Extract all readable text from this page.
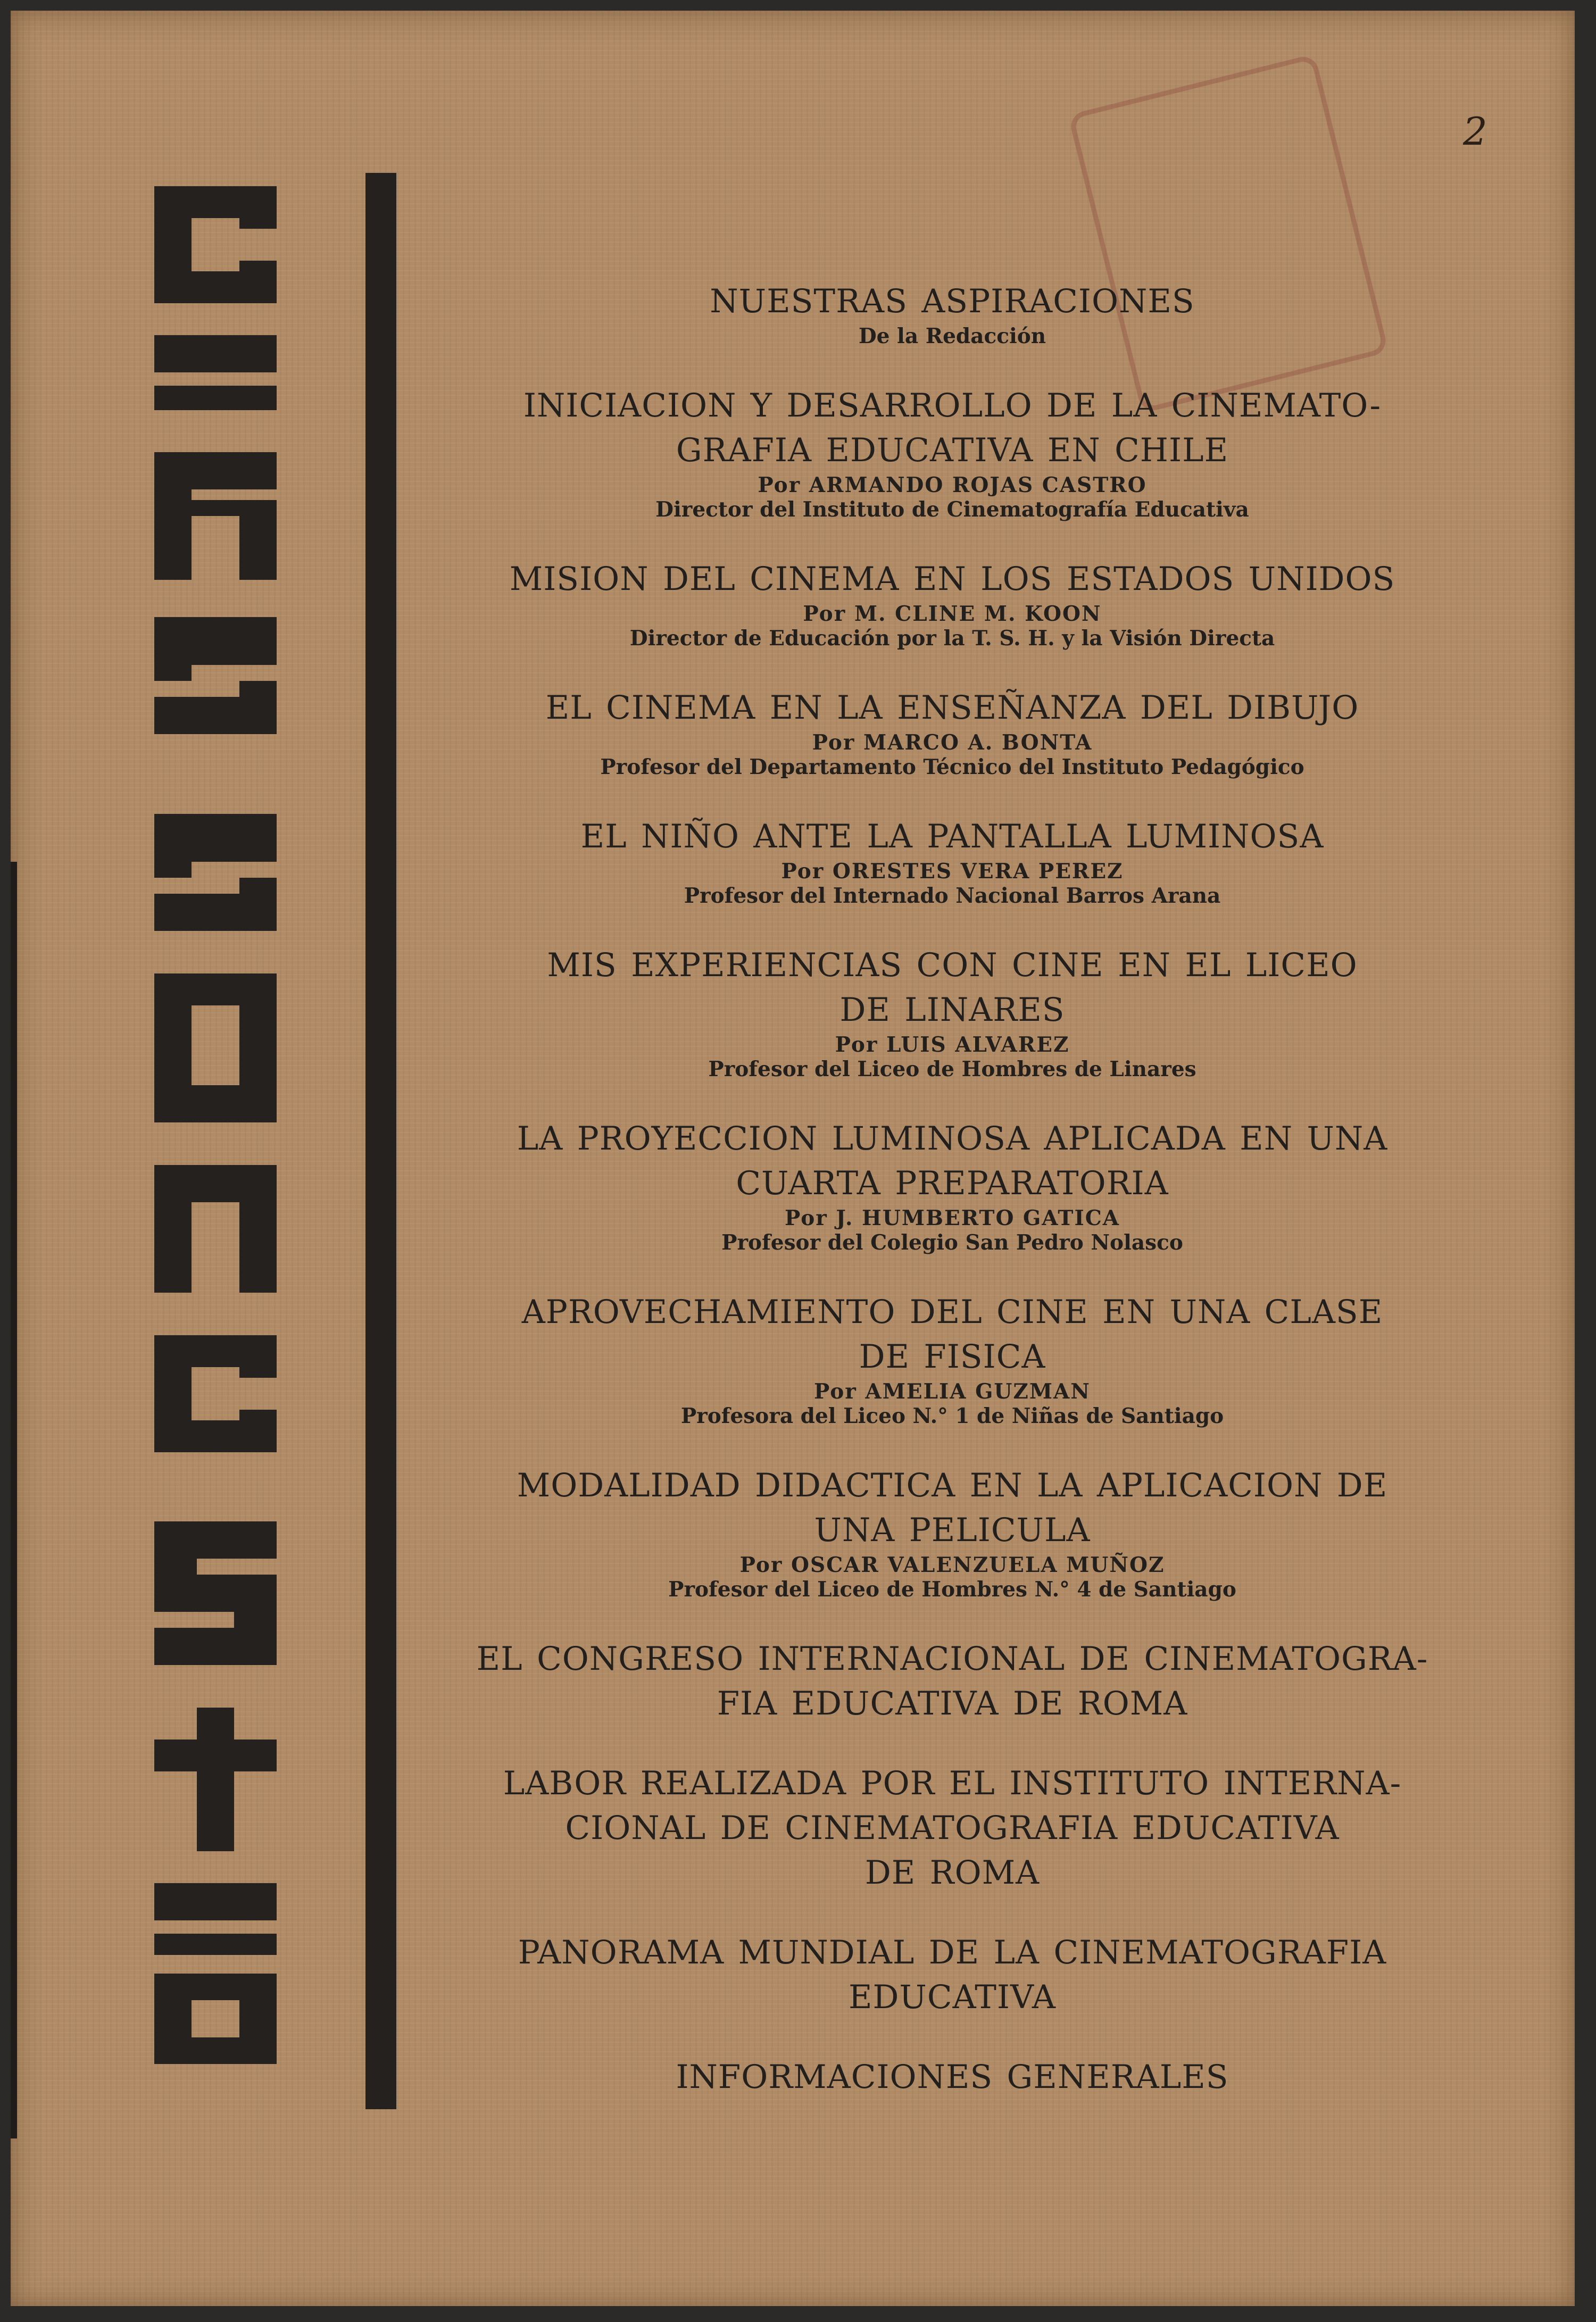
2
NUESTRAS ASPIRACIONES
De la Redacción
INICIACION Y DESARROLLO DE LA CINEMATO-
GRAFIA EDUCATIVA EN CHILE
Por ARMANDO ROJAS CASTRO
Director del Instituto de Cinematografía Educativa
MISION DEL CINEMA EN LOS ESTADOS UNIDOS
Por M. CLINE M. KOON
Director de Educación por la T. S. H. y la Visión Directa
EL CINEMA EN LA ENSEÑANZA DEL DIBUJO
Por MARCO A. BONTA
Profesor del Departamento Técnico del Instituto Pedagógico
EL NIÑO ANTE LA PANTALLA LUMINOSA
Por ORESTES VERA PEREZ
Profesor del Internado Nacional Barros Arana
MIS EXPERIENCIAS CON CINE EN EL LICEO
DE LINARES
Por LUIS ALVAREZ
Profesor del Liceo de Hombres de Linares
LA PROYECCION LUMINOSA APLICADA EN UNA
CUARTA PREPARATORIA
Por J. HUMBERTO GATICA
Profesor del Colegio San Pedro Nolasco
APROVECHAMIENTO DEL CINE EN UNA CLASE
DE FISICA
Por AMELIA GUZMAN
Profesora del Liceo N.° 1 de Niñas de Santiago
MODALIDAD DIDACTICA EN LA APLICACION DE
UNA PELICULA
Por OSCAR VALENZUELA MUÑOZ
Profesor del Liceo de Hombres N.° 4 de Santiago
EL CONGRESO INTERNACIONAL DE CINEMATOGRA-
FIA EDUCATIVA DE ROMA
LABOR REALIZADA POR EL INSTITUTO INTERNA-
CIONAL DE CINEMATOGRAFIA EDUCATIVA
DE ROMA
PANORAMA MUNDIAL DE LA CINEMATOGRAFIA
EDUCATIVA
INFORMACIONES GENERALES
